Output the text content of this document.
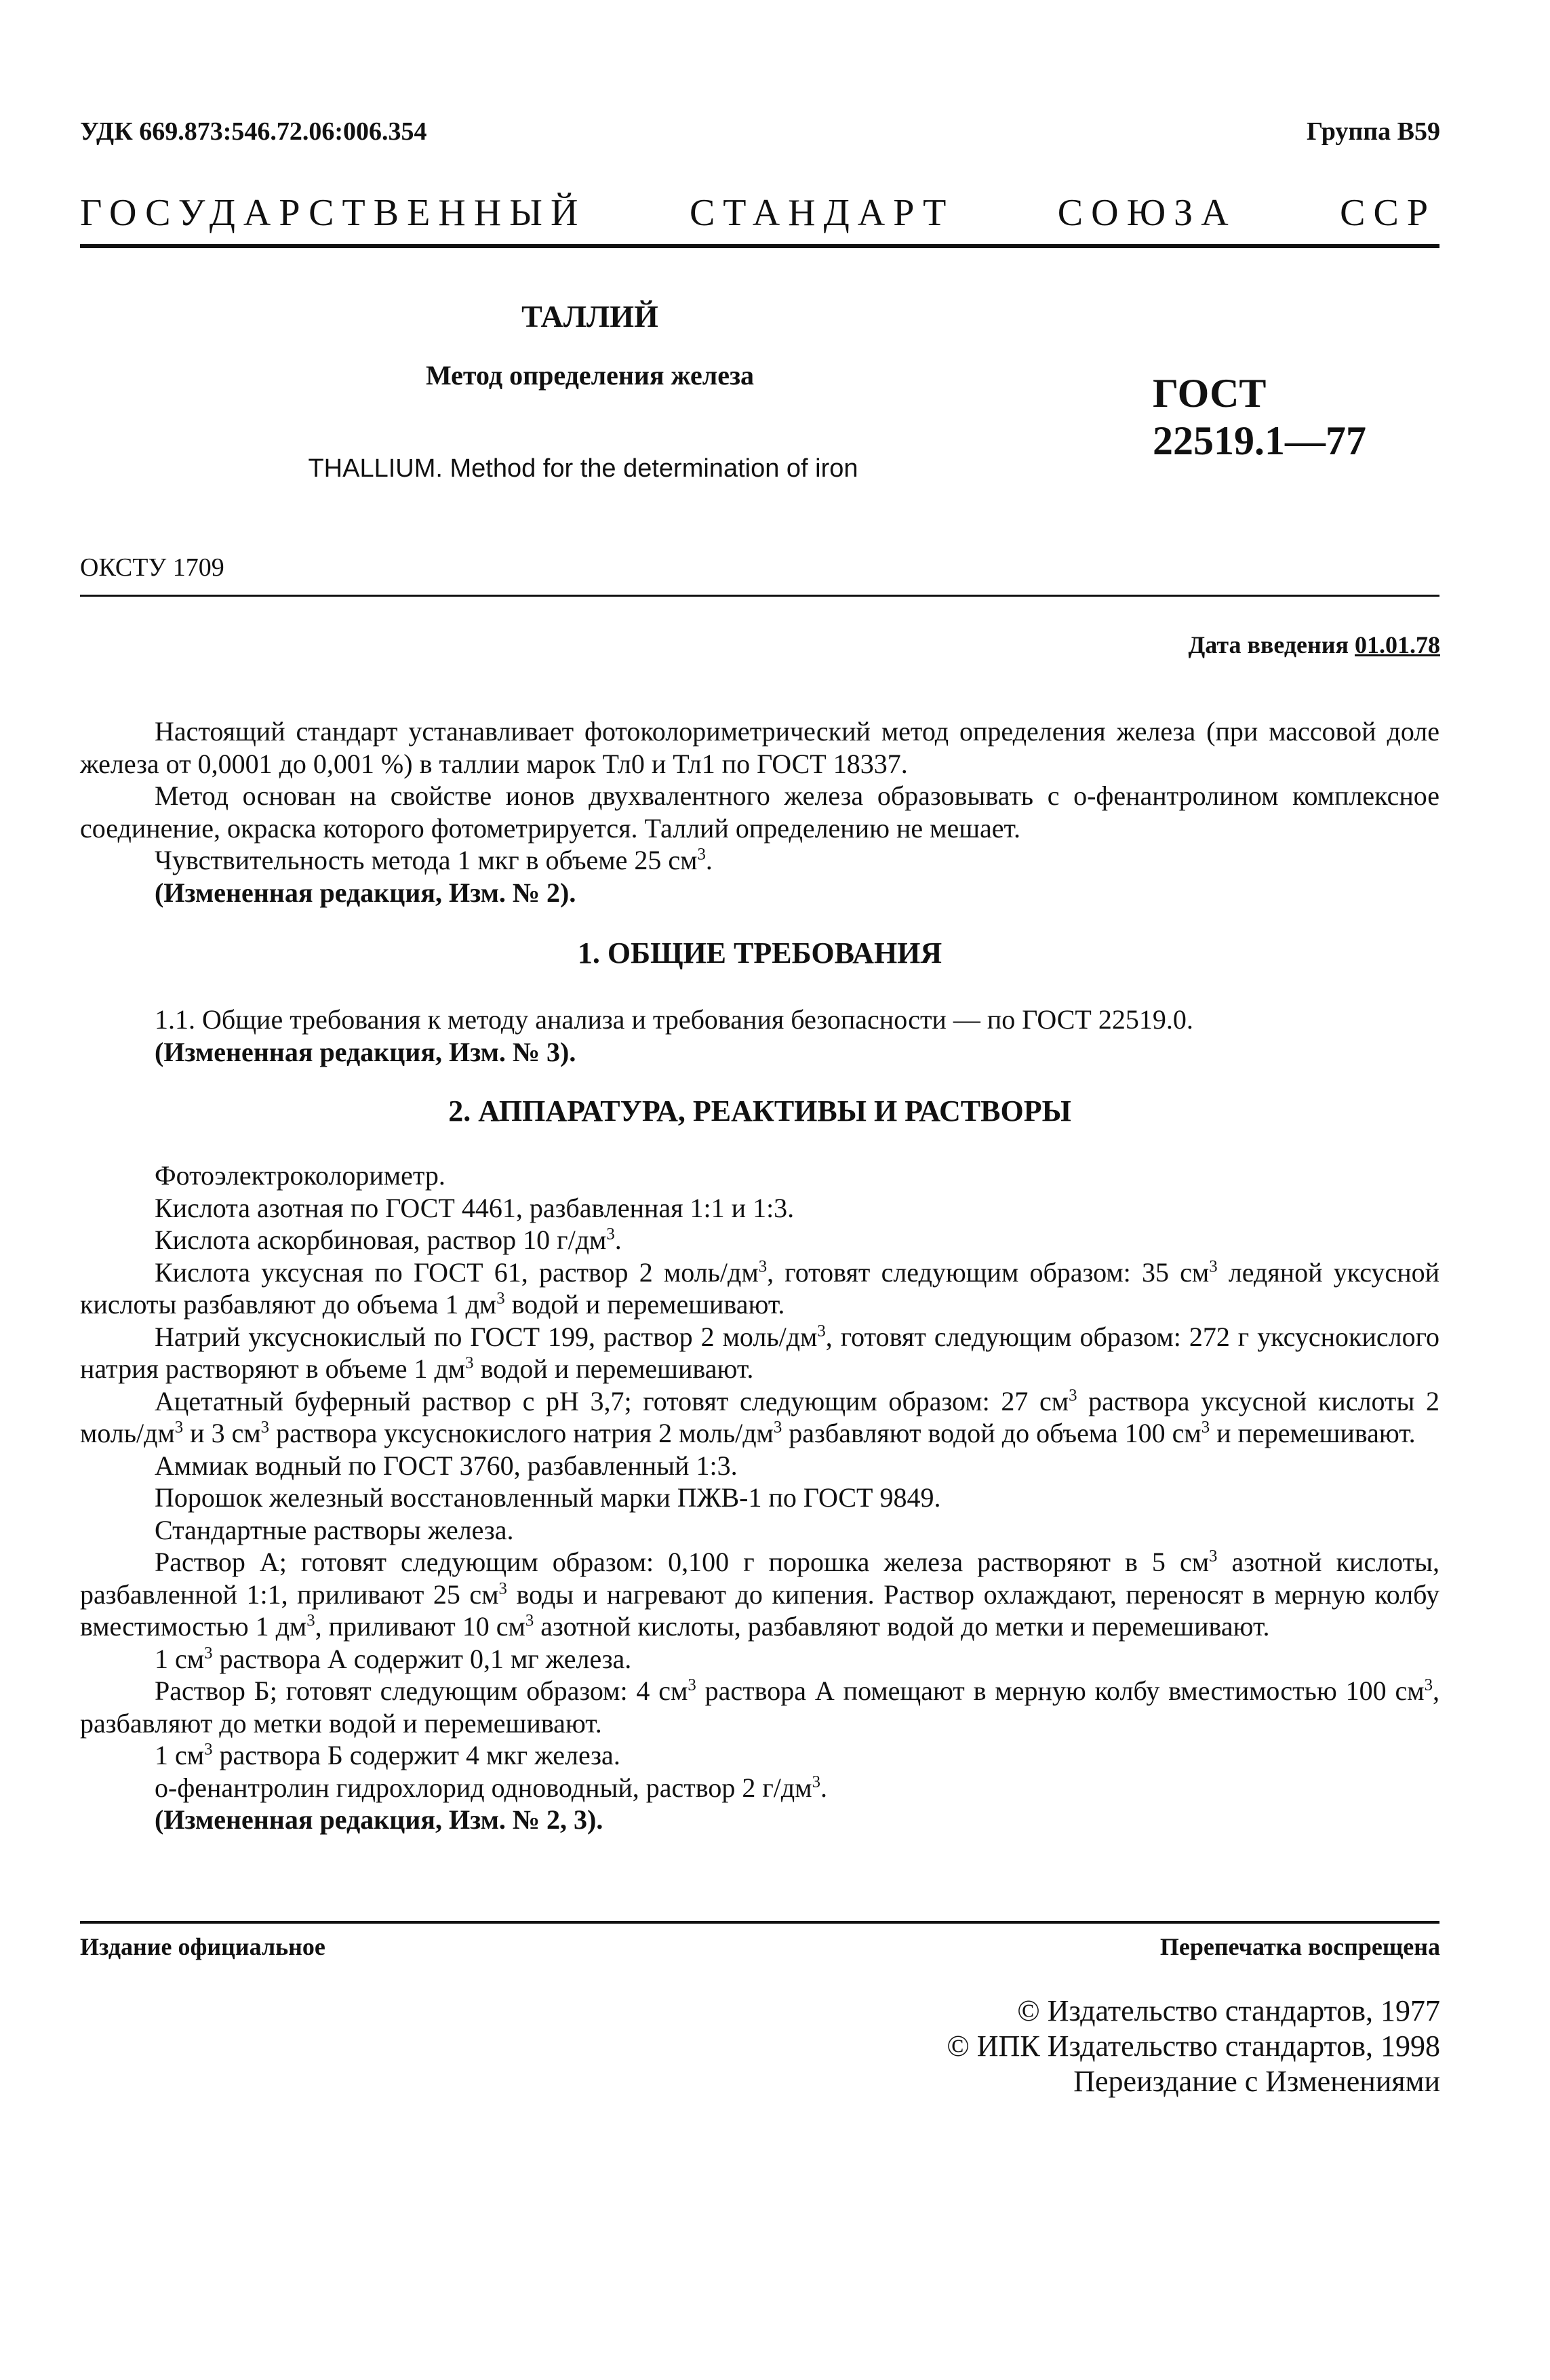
УДК 669.873:546.72.06:006.354	Группа В59
ГОСУДАРСТВЕННЫЙ	СТАНДАРТ	СОЮЗА	ССР
ТАЛЛИЙ
Метод определения железа
THALLIUM. Method for the determination of iron
ГОСТ
22519.1—77
ОКСТУ 1709
Дата введения 01.01.78

Настоящий стандарт устанавливает фотоколориметрический метод определения железа (при массовой доле железа от 0,0001 до 0,001 %) в таллии марок Тл0 и Тл1 по ГОСТ 18337.

Метод основан на свойстве ионов двухвалентного железа образовывать с о-фенантролином комплексное соединение, окраска которого фотометрируется. Таллий определению не мешает.

Чувствительность метода 1 мкг в объеме 25 $см^3$.

(Измененная редакция, Изм. № 2).

1. ОБЩИЕ ТРЕБОВАНИЯ

1.1. Общие требования к методу анализа и требования безопасности — по ГОСТ 22519.0.

(Измененная редакция, Изм. № 3).

2. АППАРАТУРА, РЕАКТИВЫ И РАСТВОРЫ

Фотоэлектроколориметр.

Кислота азотная по ГОСТ 4461, разбавленная 1:1 и 1:3.

Кислота аскорбиновая, раствор 10 $г/дм^3$.

Кислота уксусная по ГОСТ 61, раствор 2 моль/$дм^3$, готовят следующим образом: 35 $см^3$ ледяной уксусной кислоты разбавляют до объема 1 $дм^3$ водой и перемешивают.

Натрий уксуснокислый по ГОСТ 199, раствор 2 моль/$дм^3$, готовят следующим образом: 272 г уксуснокислого натрия растворяют в объеме 1 $дм^3$ водой и перемешивают.

Ацетатный буферный раствор с рН 3,7; готовят следующим образом: 27 $см^3$ раствора уксусной кислоты 2 моль/$дм^3$ и 3 $см^3$ раствора уксуснокислого натрия 2 моль/$дм^3$ разбавляют водой до объема 100 $см^3$ и перемешивают.

Аммиак водный по ГОСТ 3760, разбавленный 1:3.

Порошок железный восстановленный марки ПЖВ-1 по ГОСТ 9849.

Стандартные растворы железа.

Раствор А; готовят следующим образом: 0,100 г порошка железа растворяют в 5 $см^3$ азотной кислоты, разбавленной 1:1, приливают 25 $см^3$ воды и нагревают до кипения. Раствор охлаждают, переносят в мерную колбу вместимостью 1 $дм^3$, приливают 10 $см^3$ азотной кислоты, разбавляют водой до метки и перемешивают.

1 $см^3$ раствора А содержит 0,1 мг железа.

Раствор Б; готовят следующим образом: 4 $см^3$ раствора А помещают в мерную колбу вместимостью 100 $см^3$, разбавляют до метки водой и перемешивают.

1 $см^3$ раствора Б содержит 4 мкг железа.

о-фенантролин гидрохлорид одноводный, раствор 2 $г/дм^3$.

(Измененная редакция, Изм. № 2, 3).

Издание официальное	Перепечатка воспрещена
© Издательство стандартов, 1977
© ИПК Издательство стандартов, 1998
Переиздание с Изменениями
